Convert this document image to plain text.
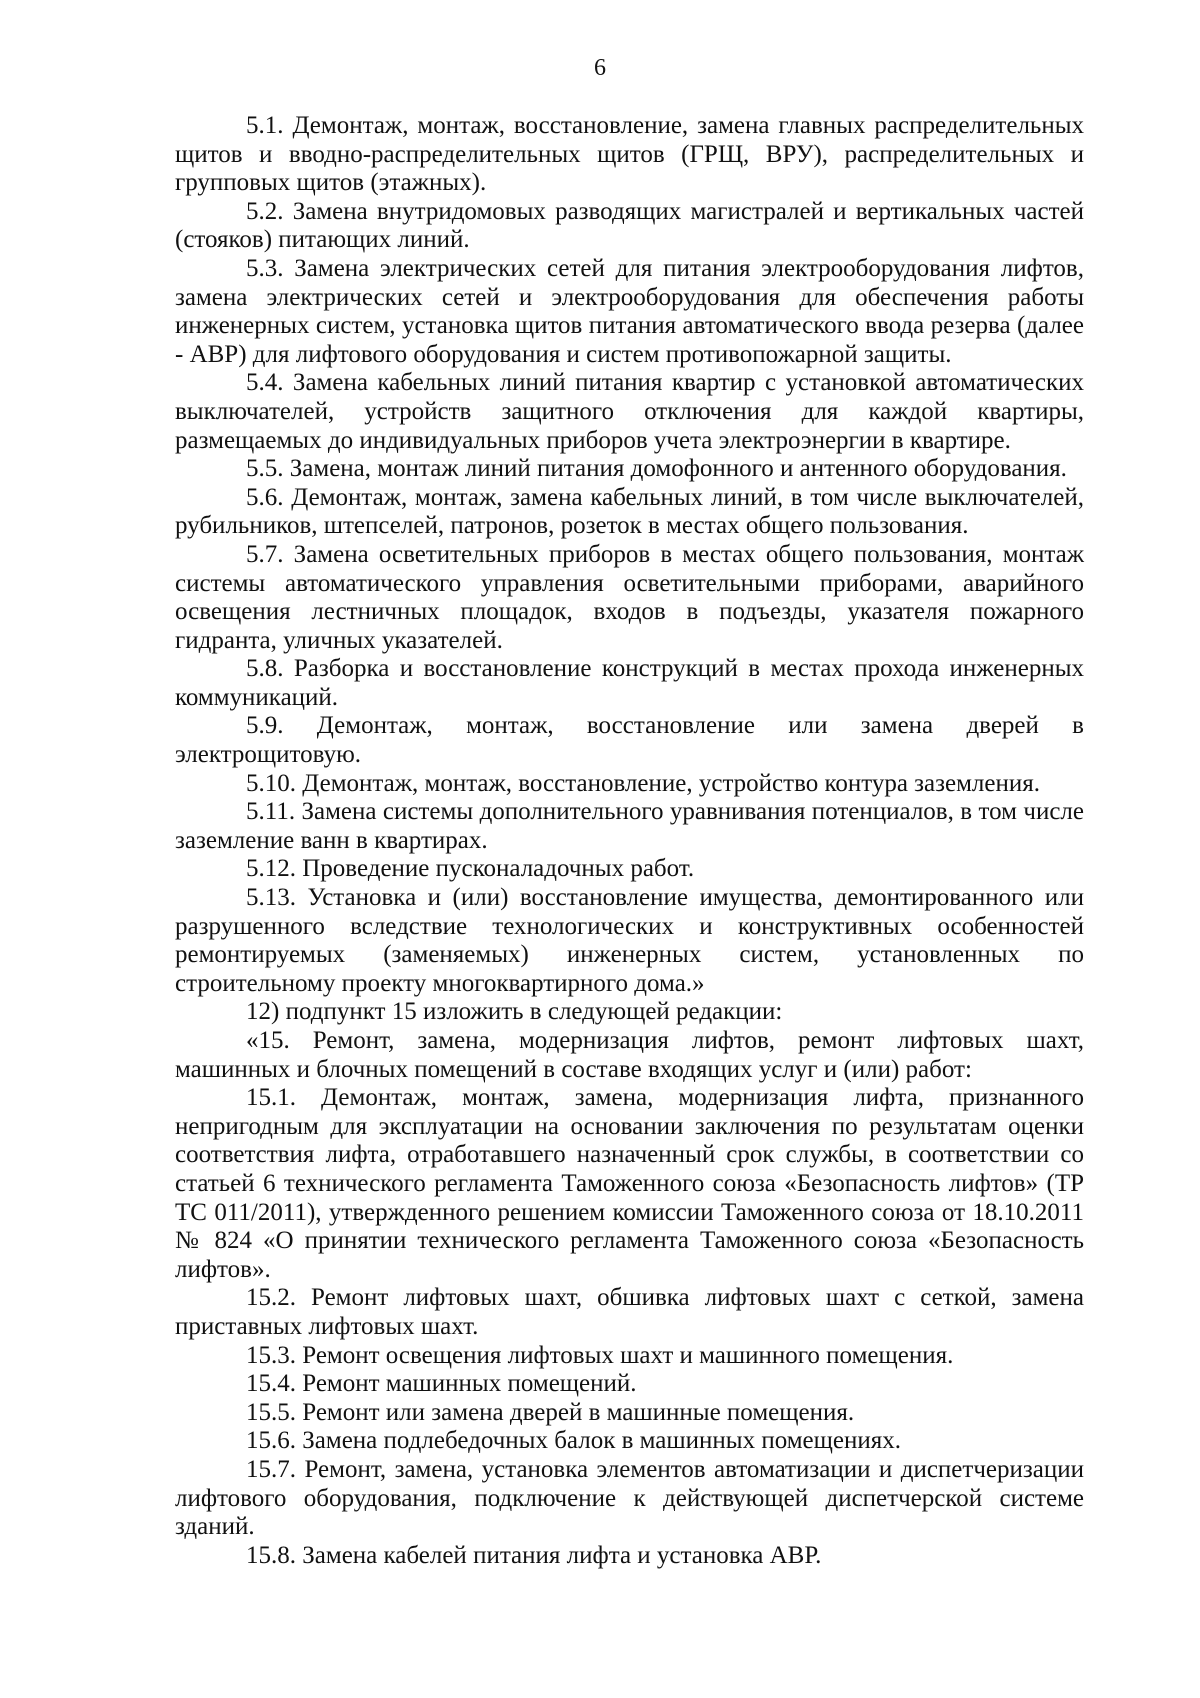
6

5.1. Демонтаж, монтаж, восстановление, замена главных распределительных щитов и вводно-распределительных щитов (ГРЩ, ВРУ), распределительных и групповых щитов (этажных).

5.2. Замена внутридомовых разводящих магистралей и вертикальных частей (стояков) питающих линий.

5.3. Замена электрических сетей для питания электрооборудования лифтов, замена электрических сетей и электрооборудования для обеспечения работы инженерных систем, установка щитов питания автоматического ввода резерва (далее - АВР) для лифтового оборудования и систем противопожарной защиты.

5.4. Замена кабельных линий питания квартир с установкой автоматических выключателей, устройств защитного отключения для каждой квартиры, размещаемых до индивидуальных приборов учета электроэнергии в квартире.

5.5. Замена, монтаж линий питания домофонного и антенного оборудования.

5.6. Демонтаж, монтаж, замена кабельных линий, в том числе выключателей, рубильников, штепселей, патронов, розеток в местах общего пользования.

5.7. Замена осветительных приборов в местах общего пользования, монтаж системы автоматического управления осветительными приборами, аварийного освещения лестничных площадок, входов в подъезды, указателя пожарного гидранта, уличных указателей.

5.8. Разборка и восстановление конструкций в местах прохода инженерных коммуникаций.

5.9. Демонтаж, монтаж, восстановление или замена дверей в электрощитовую.

5.10. Демонтаж, монтаж, восстановление, устройство контура заземления.

5.11. Замена системы дополнительного уравнивания потенциалов, в том числе заземление ванн в квартирах.

5.12. Проведение пусконаладочных работ.

5.13. Установка и (или) восстановление имущества, демонтированного или разрушенного вследствие технологических и конструктивных особенностей ремонтируемых (заменяемых) инженерных систем, установленных по строительному проекту многоквартирного дома.»

12) подпункт 15 изложить в следующей редакции:

«15. Ремонт, замена, модернизация лифтов, ремонт лифтовых шахт, машинных и блочных помещений в составе входящих услуг и (или) работ:

15.1. Демонтаж, монтаж, замена, модернизация лифта, признанного непригодным для эксплуатации на основании заключения по результатам оценки соответствия лифта, отработавшего назначенный срок службы, в соответствии со статьей 6 технического регламента Таможенного союза «Безопасность лифтов» (ТР ТС 011/2011), утвержденного решением комиссии Таможенного союза от 18.10.2011 № 824 «О принятии технического регламента Таможенного союза «Безопасность лифтов».

15.2. Ремонт лифтовых шахт, обшивка лифтовых шахт с сеткой, замена приставных лифтовых шахт.

15.3. Ремонт освещения лифтовых шахт и машинного помещения.

15.4. Ремонт машинных помещений.

15.5. Ремонт или замена дверей в машинные помещения.

15.6. Замена подлебедочных балок в машинных помещениях.

15.7. Ремонт, замена, установка элементов автоматизации и диспетчеризации лифтового оборудования, подключение к действующей диспетчерской системе зданий.

15.8. Замена кабелей питания лифта и установка АВР.
